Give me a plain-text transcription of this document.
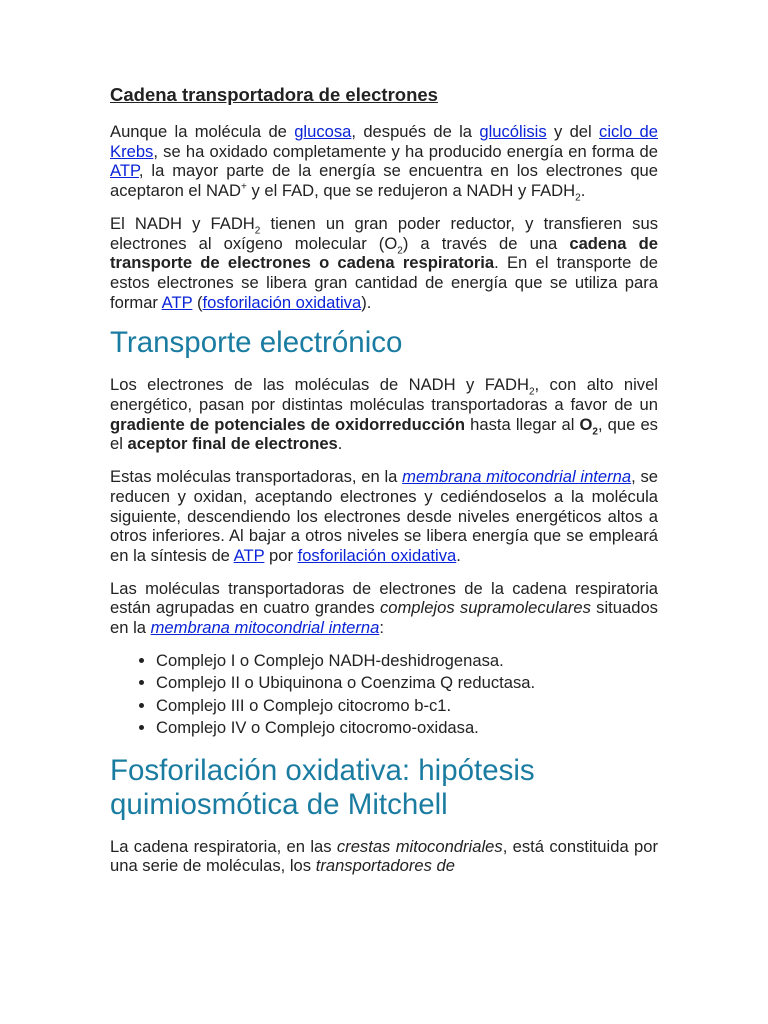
Cadena transportadora de electrones

Aunque la molécula de glucosa, después de la glucólisis y del ciclo de Krebs, se ha oxidado completamente y ha producido energía en forma de ATP, la mayor parte de la energía se encuentra en los electrones que aceptaron el NAD+ y el FAD, que se redujeron a NADH y $FADH_2$.

El NADH y $FADH_2$ tienen un gran poder reductor, y transfieren sus electrones al oxígeno molecular $(O_2)$ a través de una cadena de transporte de electrones o cadena respiratoria. En el transporte de estos electrones se libera gran cantidad de energía que se utiliza para formar ATP (fosforilación oxidativa).

Transporte electrónico

Los electrones de las moléculas de NADH y $FADH_2$, con alto nivel energético, pasan por distintas moléculas transportadoras a favor de un gradiente de potenciales de oxidorreducción hasta llegar al $O_2$, que es el aceptor final de electrones.

Estas moléculas transportadoras, en la membrana mitocondrial interna, se reducen y oxidan, aceptando electrones y cediéndoselos a la molécula siguiente, descendiendo los electrones desde niveles energéticos altos a otros inferiores. Al bajar a otros niveles se libera energía que se empleará en la síntesis de ATP por fosforilación oxidativa.

Las moléculas transportadoras de electrones de la cadena respiratoria están agrupadas en cuatro grandes complejos supramoleculares situados en la membrana mitocondrial interna:

• Complejo I o Complejo NADH-deshidrogenasa.
• Complejo II o Ubiquinona o Coenzima Q reductasa.
• Complejo III o Complejo citocromo b-c1.
• Complejo IV o Complejo citocromo-oxidasa.
Fosforilación oxidativa: hipótesis quimiosmótica de Mitchell

La cadena respiratoria, en las crestas mitocondriales, está constituida por una serie de moléculas, los transportadores de
